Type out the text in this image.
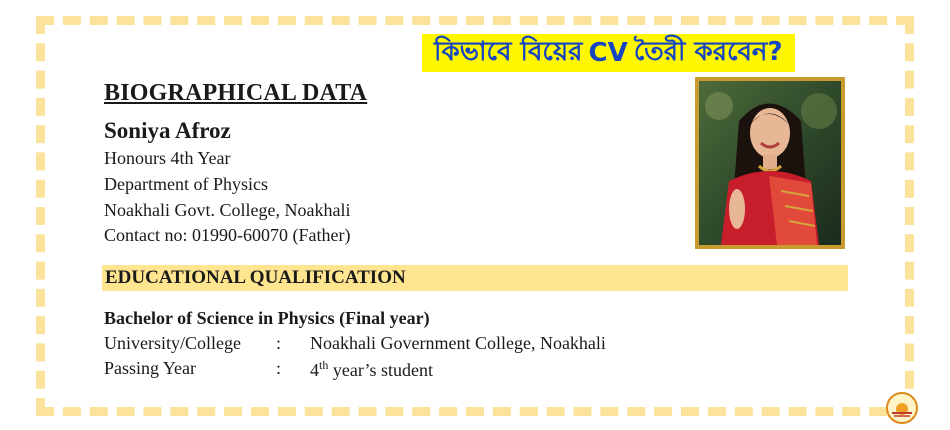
কিভাবে বিয়ের CV তৈরী করবেন?
BIOGRAPHICAL DATA
Soniya Afroz
Honours 4th Year
Department of Physics
Noakhali Govt. College, Noakhali
Contact no: 01990-60070 (Father)
EDUCATIONAL QUALIFICATION
Bachelor of Science in Physics (Final year)
University/College : Noakhali Government College, Noakhali
Passing Year	: 4th year’s student
